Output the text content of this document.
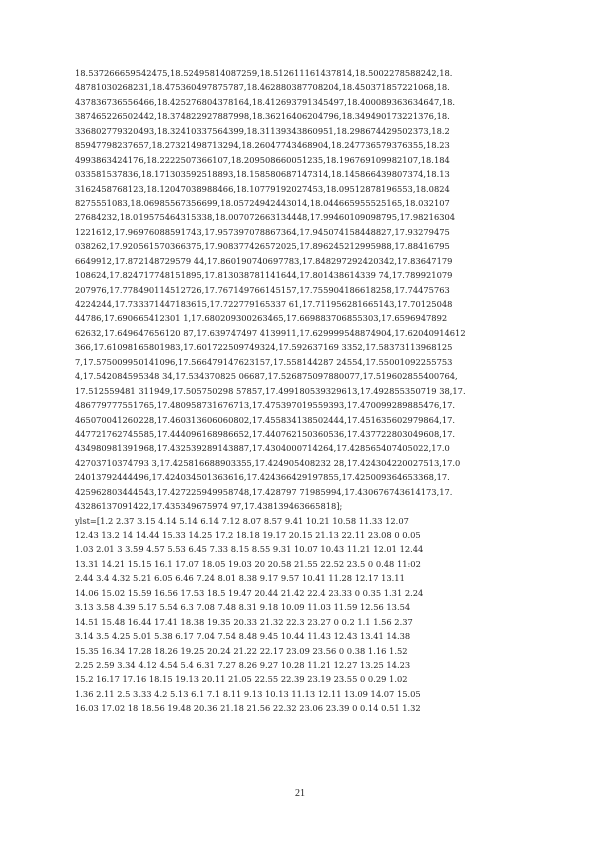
18.537266659542475,18.52495814087259,18.512611161437814,18.5002278588242,18.
48781030268231,18.475360497875787,18.462880387708204,18.450371857221068,18.
437836736556466,18.425276804378164,18.412693791345497,18.400089363634647,18.
387465226502442,18.374822927887998,18.36216406204796,18.349490173221376,18.
336802779320493,18.32410337564399,18.31139343860951,18.298674429502373,18.2
85947798237657,18.27321498713294,18.26047743468904,18.247736579376355,18.23
4993863424176,18.2222507366107,18.209508660051235,18.196769109982107,18.184
033581537836,18.171303592518893,18.158580687147314,18.145866439807374,18.13
3162458768123,18.12047038988466,18.10779192027453,18.09512878196553,18.0824
8275551083,18.06985567356699,18.05724942443014,18.044665955525165,18.032107
27684232,18.019575464315338,18.007072663134448,17.99460109098795,17.98216304
1221612,17.96976088591743,17.957397078867364,17.945074158448827,17.93279475
038262,17.920561570366375,17.908377426572025,17.896245212995988,17.88416795
6649912,17.872148729579 44,17.860190740697783,17.848297292420342,17.83647179
108624,17.824717748151895,17.813038781141644,17.801438614339 74,17.789921079
207976,17.778490114512726,17.767149766145157,17.755904186618258,17.74475763
4224244,17.733371447183615,17.722779165337 61,17.711956281665143,17.70125048
44786,17.690665412301 1,17.680209300263465,17.669883706855303,17.6596947892
62632,17.649647656120 87,17.639747497 4139911,17.629999548874904,17.62040914612
366,17.61098165801983,17.601722509749324,17.592637169 3352,17.58373113968125
7,17.575009950141096,17.566479147623157,17.558144287 24554,17.55001092255753
4,17.542084595348 34,17.534370825 06687,17.526875097880077,17.519602855400764,
17.512559481 311949,17.505750298 57857,17.499180539329613,17.492855350719 38,17.
486779777551765,17.480958731676713,17.475397019559393,17.470099289885476,17.
465070041260228,17.460313606060802,17.455834138502444,17.451635602979864,17.
447721762745585,17.444096168986652,17.440762150360536,17.437722803049608,17.
434980981391968,17.432539289143887,17.4304000714264,17.428565407405022,17.0
42703710374793 3,17.425816688903355,17.424905408232 28,17.424304220027513,17.0
24013792444496,17.424034501363616,17.424366429197855,17.425009364653368,17.
425962803444543,17.427225949958748,17.428797 71985994,17.430676743614173,17.
43286137091422,17.435349675974 97,17.438139463665818];
ylst=[1.2 2.37 3.15 4.14 5.14 6.14 7.12 8.07 8.57 9.41 10.21 10.58 11.33 12.07
12.43 13.2 14 14.44 15.33 14.25 17.2 18.18 19.17 20.15 21.13 22.11 23.08 0 0.05
1.03 2.01 3 3.59 4.57 5.53 6.45 7.33 8.15 8.55 9.31 10.07 10.43 11.21 12.01 12.44
13.31 14.21 15.15 16.1 17.07 18.05 19.03 20 20.58 21.55 22.52 23.5 0 0.48 11:02
2.44 3.4 4.32 5.21 6.05 6.46 7.24 8.01 8.38 9.17 9.57 10.41 11.28 12.17 13.11
14.06 15.02 15.59 16.56 17.53 18.5 19.47 20.44 21.42 22.4 23.33 0 0.35 1.31 2.24
3.13 3.58 4.39 5.17 5.54 6.3 7.08 7.48 8.31 9.18 10.09 11.03 11.59 12.56 13.54
14.51 15.48 16.44 17.41 18.38 19.35 20.33 21.32 22.3 23.27 0 0.2 1.1 1.56 2.37
3.14 3.5 4.25 5.01 5.38 6.17 7.04 7.54 8.48 9.45 10.44 11.43 12.43 13.41 14.38
15.35 16.34 17.28 18.26 19.25 20.24 21.22 22.17 23.09 23.56 0 0.38 1.16 1.52
2.25 2.59 3.34 4.12 4.54 5.4 6.31 7.27 8.26 9.27 10.28 11.21 12.27 13.25 14.23
15.2 16.17 17.16 18.15 19.13 20.11 21.05 22.55 22.39 23.19 23.55 0 0.29 1.02
1.36 2.11 2.5 3.33 4.2 5.13 6.1 7.1 8.11 9.13 10.13 11.13 12.11 13.09 14.07 15.05
16.03 17.02 18 18.56 19.48 20.36 21.18 21.56 22.32 23.06 23.39 0 0.14 0.51 1.32
21
